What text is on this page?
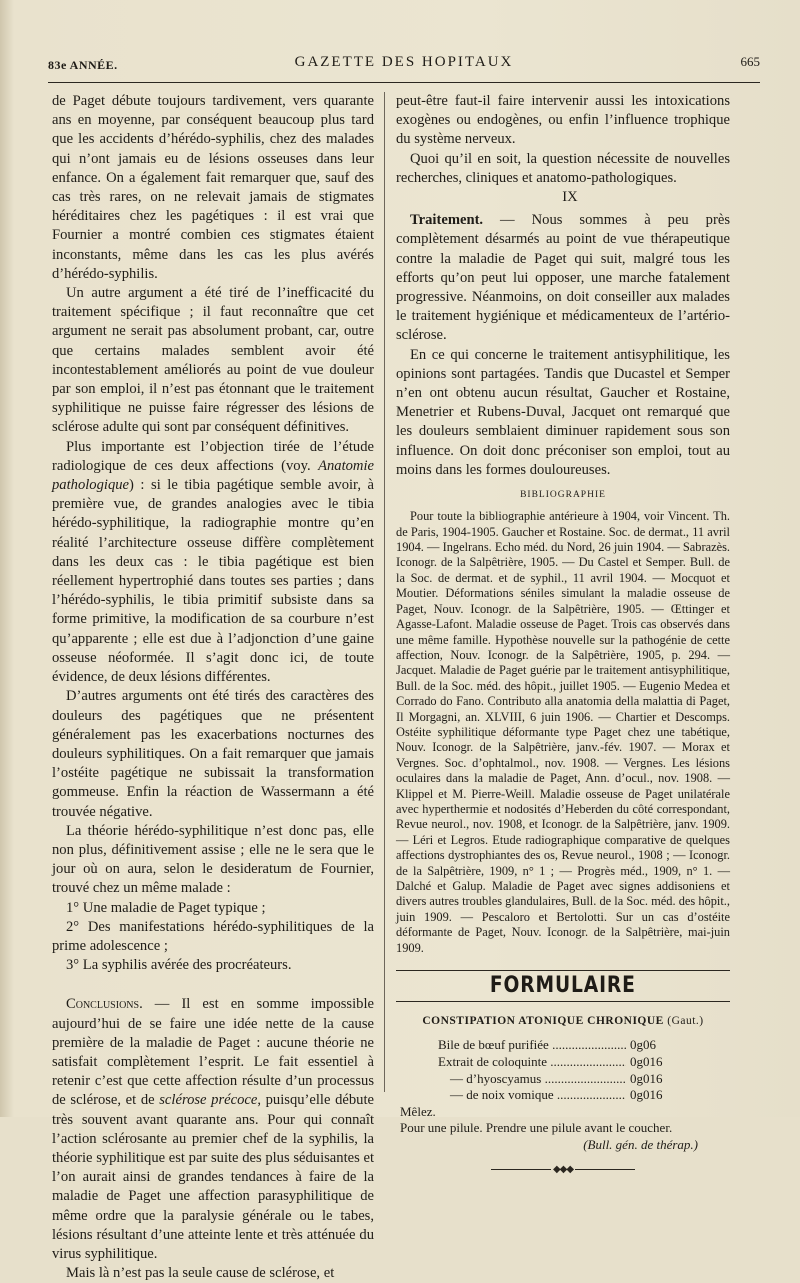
83e ANNÉE.	GAZETTE DES HOPITAUX	665

de Paget débute toujours tardivement, vers quarante ans en moyenne, par conséquent beaucoup plus tard que les accidents d’hérédo-syphilis, chez des malades qui n’ont jamais eu de lésions osseuses dans leur enfance. On a également fait remarquer que, sauf des cas très rares, on ne relevait jamais de stigmates héréditaires chez les pagétiques : il est vrai que Fournier a montré combien ces stigmates étaient inconstants, même dans les cas les plus avérés d’hérédo-syphilis.

Un autre argument a été tiré de l’inefficacité du traitement spécifique ; il faut reconnaître que cet argument ne serait pas absolument probant, car, outre que certains malades semblent avoir été incontestablement améliorés au point de vue douleur par son emploi, il n’est pas étonnant que le traitement syphilitique ne puisse faire régresser des lésions de sclérose adulte qui sont par conséquent définitives.

Plus importante est l’objection tirée de l’étude radiologique de ces deux affections (voy. Anatomie pathologique) : si le tibia pagétique semble avoir, à première vue, de grandes analogies avec le tibia hérédo-syphilitique, la radiographie montre qu’en réalité l’architecture osseuse diffère complètement dans les deux cas : le tibia pagétique est bien réellement hypertrophié dans toutes ses parties ; dans l’hérédo-syphilis, le tibia primitif subsiste dans sa forme primitive, la modification de sa courbure n’est qu’apparente ; elle est due à l’adjonction d’une gaine osseuse néoformée. Il s’agit donc ici, de toute évidence, de deux lésions différentes.

D’autres arguments ont été tirés des caractères des douleurs des pagétiques que ne présentent généralement pas les exacerbations nocturnes des douleurs syphilitiques. On a fait remarquer que jamais l’ostéite pagétique ne subissait la transformation gommeuse. Enfin la réaction de Wassermann a été trouvée négative.

La théorie hérédo-syphilitique n’est donc pas, elle non plus, définitivement assise ; elle ne le sera que le jour où on aura, selon le desideratum de Fournier, trouvé chez un même malade :

1° Une maladie de Paget typique ;

2° Des manifestations hérédo-syphilitiques de la prime adolescence ;

3° La syphilis avérée des procréateurs.

Conclusions. — Il est en somme impossible aujourd’hui de se faire une idée nette de la cause première de la maladie de Paget : aucune théorie ne satisfait complètement l’esprit. Le fait essentiel à retenir c’est que cette affection résulte d’un processus de sclérose, et de sclérose précoce, puisqu’elle débute très souvent avant quarante ans. Pour qui connaît l’action sclérosante au premier chef de la syphilis, la théorie syphilitique est par suite des plus séduisantes et l’on aurait ainsi de grandes tendances à faire de la maladie de Paget une affection parasyphilitique de même ordre que la paralysie générale ou le tabes, lésions résultant d’une atteinte lente et très atténuée du virus syphilitique.

Mais là n’est pas la seule cause de sclérose, et

peut-être faut-il faire intervenir aussi les intoxications exogènes ou endogènes, ou enfin l’influence trophique du système nerveux.

Quoi qu’il en soit, la question nécessite de nouvelles recherches, cliniques et anatomo-pathologiques.

IX

Traitement. — Nous sommes à peu près complètement désarmés au point de vue thérapeutique contre la maladie de Paget qui suit, malgré tous les efforts qu’on peut lui opposer, une marche fatalement progressive. Néanmoins, on doit conseiller aux malades le traitement hygiénique et médicamenteux de l’artério-sclérose.

En ce qui concerne le traitement antisyphilitique, les opinions sont partagées. Tandis que Ducastel et Semper n’en ont obtenu aucun résultat, Gaucher et Rostaine, Menetrier et Rubens-Duval, Jacquet ont remarqué que les douleurs semblaient diminuer rapidement sous son influence. On doit donc préconiser son emploi, tout au moins dans les formes douloureuses.

BIBLIOGRAPHIE

Pour toute la bibliographie antérieure à 1904, voir Vincent. Th. de Paris, 1904-1905. Gaucher et Rostaine. Soc. de dermat., 11 avril 1904. — Ingelrans. Echo méd. du Nord, 26 juin 1904. — Sabrazès. Iconogr. de la Salpêtrière, 1905. — Du Castel et Semper. Bull. de la Soc. de dermat. et de syphil., 11 avril 1904. — Mocquot et Moutier. Déformations séniles simulant la maladie osseuse de Paget, Nouv. Iconogr. de la Salpêtrière, 1905. — Œttinger et Agasse-Lafont. Maladie osseuse de Paget. Trois cas observés dans une même famille. Hypothèse nouvelle sur la pathogénie de cette affection, Nouv. Iconogr. de la Salpêtrière, 1905, p. 294. — Jacquet. Maladie de Paget guérie par le traitement antisyphilitique, Bull. de la Soc. méd. des hôpit., juillet 1905. — Eugenio Medea et Corrado do Fano. Contributo alla anatomia della malattia di Paget, Il Morgagni, an. XLVIII, 6 juin 1906. — Chartier et Descomps. Ostéite syphilitique déformante type Paget chez une tabétique, Nouv. Iconogr. de la Salpêtrière, janv.-fév. 1907. — Morax et Vergnes. Soc. d’ophtalmol., nov. 1908. — Vergnes. Les lésions oculaires dans la maladie de Paget, Ann. d’ocul., nov. 1908. — Klippel et M. Pierre-Weill. Maladie osseuse de Paget unilatérale avec hyperthermie et nodosités d’Heberden du côté correspondant, Revue neurol., nov. 1908, et Iconogr. de la Salpêtrière, janv. 1909. — Léri et Legros. Etude radiographique comparative de quelques affections dystrophiantes des os, Revue neurol., 1908 ; — Iconogr. de la Salpêtrière, 1909, n° 1 ; — Progrès méd., 1909, n° 1. — Dalché et Galup. Maladie de Paget avec signes addisoniens et divers autres troubles glandulaires, Bull. de la Soc. méd. des hôpit., juin 1909. — Pescaloro et Bertolotti. Sur un cas d’ostéite déformante de Paget, Nouv. Iconogr. de la Salpêtrière, mai-juin 1909.

FORMULAIRE
CONSTIPATION ATONIQUE CHRONIQUE (Gaut.)
Bile de bœuf purifiée .....	0g06
Extrait de coloquinte .....	0g016
— d’hyoscyamus .....	0g016
— de noix vomique .....	0g016

Mêlez.

Pour une pilule. Prendre une pilule avant le coucher.

(Bull. gén. de thérap.)

◆◆◆
